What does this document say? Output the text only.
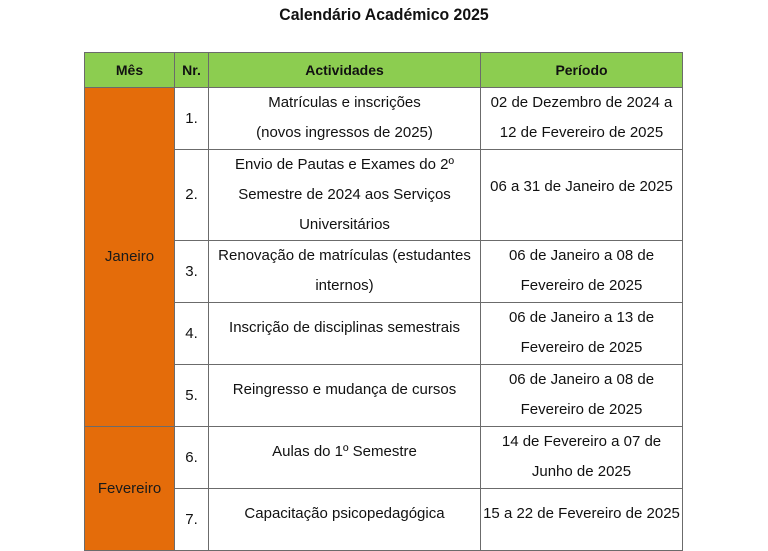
Calendário Académico 2025
Mês	Nr.	Actividades	Período
Janeiro	1.	Matrículas e inscrições
(novos ingressos de 2025)	02 de Dezembro de 2024 a
12 de Fevereiro de 2025

	2.	Envio de Pautas e Exames do 2º
Semestre de 2024 aos Serviços
Universitários	06 a 31 de Janeiro de 2025

	3.	Renovação de matrículas (estudantes
internos)	06 de Janeiro a 08 de
Fevereiro de 2025

	4.	Inscrição de disciplinas semestrais	06 de Janeiro a 13 de
Fevereiro de 2025

	5.	Reingresso e mudança de cursos	06 de Janeiro a 08 de
Fevereiro de 2025

Fevereiro	6.	Aulas do 1º Semestre	14 de Fevereiro a 07 de
Junho de 2025

	7.	Capacitação psicopedagógica	15 a 22 de Fevereiro de 2025
